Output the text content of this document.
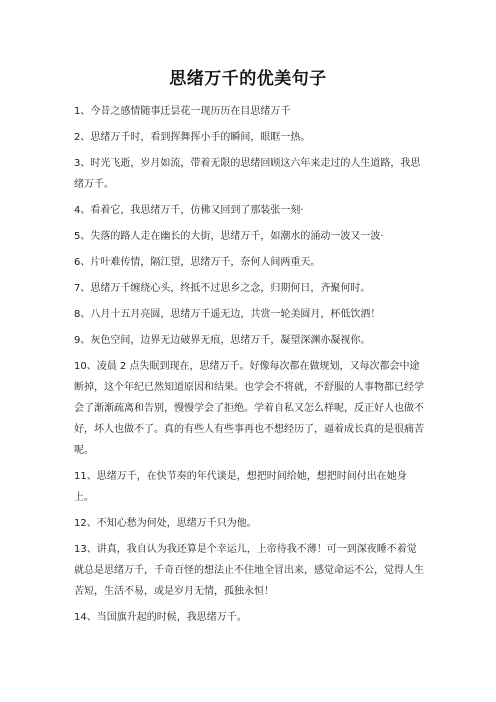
思绪万千的优美句子

1、今昔之感情随事迁昙花一现历历在目思绪万千

2、思绪万千时，看到挥舞挥小手的瞬间，眼眶一热。

3、时光飞逝，岁月如流，带着无限的思绪回顾这六年来走过的人生道路，我思绪万千。

4、看着它，我思绪万千，仿佛又回到了那装张一刻·

5、失落的路人走在幽长的大街，思绪万千，如潮水的涌动一波又一波·

6、片叶难传情，隔江望，思绪万千，奈何人间两重天。

7、思绪万千缠绕心头，终抵不过思乡之念，归期何日，齐聚何时。

8、八月十五月亮圆，思绪万千遥无边，共赏一轮美圆月，杯低饮酒！

9、灰色空间，边界无边破界无痕，思绪万千，凝望深渊亦凝视你。

10、凌晨 2 点失眠到现在，思绪万千。好像每次都在做规划，又每次都会中途断掉，这个年纪已然知道原因和结果。也学会不将就，不舒服的人事物都已经学会了渐渐疏离和告别，慢慢学会了拒绝。学着自私又怎么样呢，反正好人也做不好，坏人也做不了。真的有些人有些事再也不想经历了，逼着成长真的是很痛苦呢。

11、思绪万千，在快节奏的年代谈是，想把时间给她，想把时间付出在她身上。

12、不知心愁为何处，思绪万千只为他。

13、讲真，我自认为我还算是个幸运儿，上帝待我不薄！可一到深夜睡不着觉就总是思绪万千，千奇百怪的想法止不住地全冒出来，感觉命运不公，觉得人生苦短，生活不易，或是岁月无情，孤独永恒！

14、当国旗升起的时候，我思绪万千。
